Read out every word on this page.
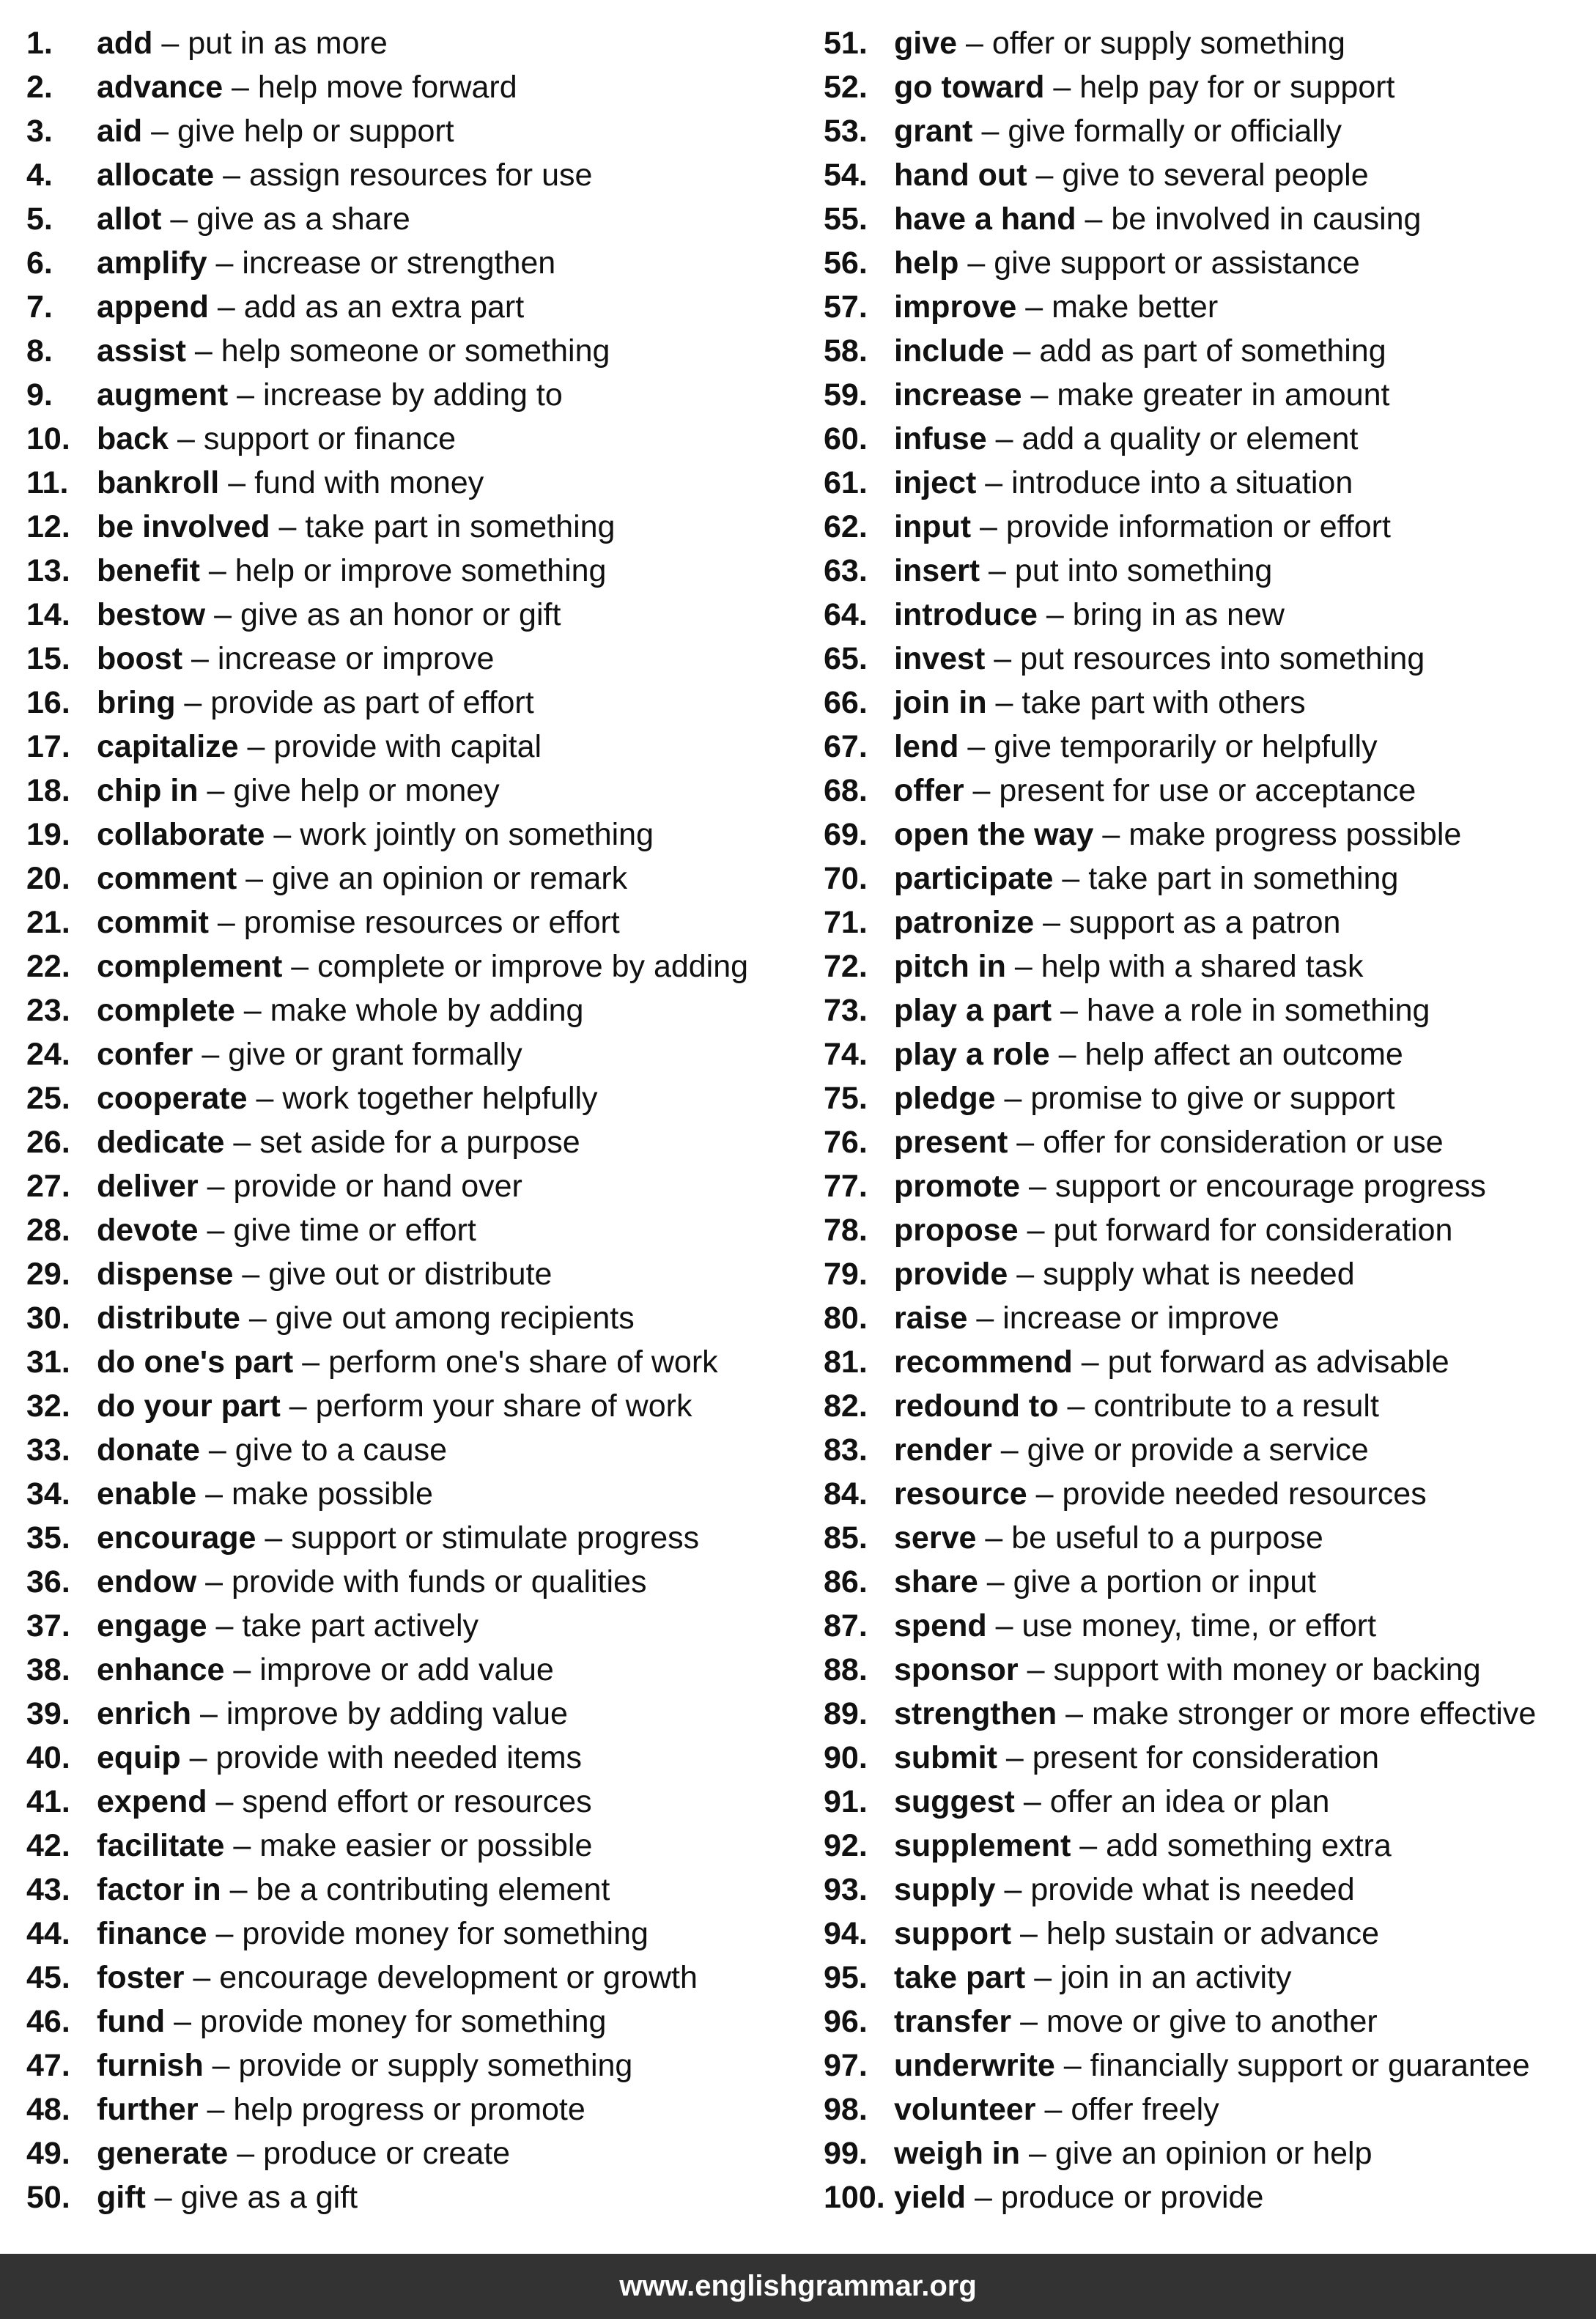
1. add – put in as more
2. advance – help move forward
3. aid – give help or support
4. allocate – assign resources for use
5. allot – give as a share
6. amplify – increase or strengthen
7. append – add as an extra part
8. assist – help someone or something
9. augment – increase by adding to
10. back – support or finance
11. bankroll – fund with money
12. be involved – take part in something
13. benefit – help or improve something
14. bestow – give as an honor or gift
15. boost – increase or improve
16. bring – provide as part of effort
17. capitalize – provide with capital
18. chip in – give help or money
19. collaborate – work jointly on something
20. comment – give an opinion or remark
21. commit – promise resources or effort
22. complement – complete or improve by adding
23. complete – make whole by adding
24. confer – give or grant formally
25. cooperate – work together helpfully
26. dedicate – set aside for a purpose
27. deliver – provide or hand over
28. devote – give time or effort
29. dispense – give out or distribute
30. distribute – give out among recipients
31. do one's part – perform one's share of work
32. do your part – perform your share of work
33. donate – give to a cause
34. enable – make possible
35. encourage – support or stimulate progress
36. endow – provide with funds or qualities
37. engage – take part actively
38. enhance – improve or add value
39. enrich – improve by adding value
40. equip – provide with needed items
41. expend – spend effort or resources
42. facilitate – make easier or possible
43. factor in – be a contributing element
44. finance – provide money for something
45. foster – encourage development or growth
46. fund – provide money for something
47. furnish – provide or supply something
48. further – help progress or promote
49. generate – produce or create
50. gift – give as a gift
51. give – offer or supply something
52. go toward – help pay for or support
53. grant – give formally or officially
54. hand out – give to several people
55. have a hand – be involved in causing
56. help – give support or assistance
57. improve – make better
58. include – add as part of something
59. increase – make greater in amount
60. infuse – add a quality or element
61. inject – introduce into a situation
62. input – provide information or effort
63. insert – put into something
64. introduce – bring in as new
65. invest – put resources into something
66. join in – take part with others
67. lend – give temporarily or helpfully
68. offer – present for use or acceptance
69. open the way – make progress possible
70. participate – take part in something
71. patronize – support as a patron
72. pitch in – help with a shared task
73. play a part – have a role in something
74. play a role – help affect an outcome
75. pledge – promise to give or support
76. present – offer for consideration or use
77. promote – support or encourage progress
78. propose – put forward for consideration
79. provide – supply what is needed
80. raise – increase or improve
81. recommend – put forward as advisable
82. redound to – contribute to a result
83. render – give or provide a service
84. resource – provide needed resources
85. serve – be useful to a purpose
86. share – give a portion or input
87. spend – use money, time, or effort
88. sponsor – support with money or backing
89. strengthen – make stronger or more effective
90. submit – present for consideration
91. suggest – offer an idea or plan
92. supplement – add something extra
93. supply – provide what is needed
94. support – help sustain or advance
95. take part – join in an activity
96. transfer – move or give to another
97. underwrite – financially support or guarantee
98. volunteer – offer freely
99. weigh in – give an opinion or help
100. yield – produce or provide
www.englishgrammar.org
